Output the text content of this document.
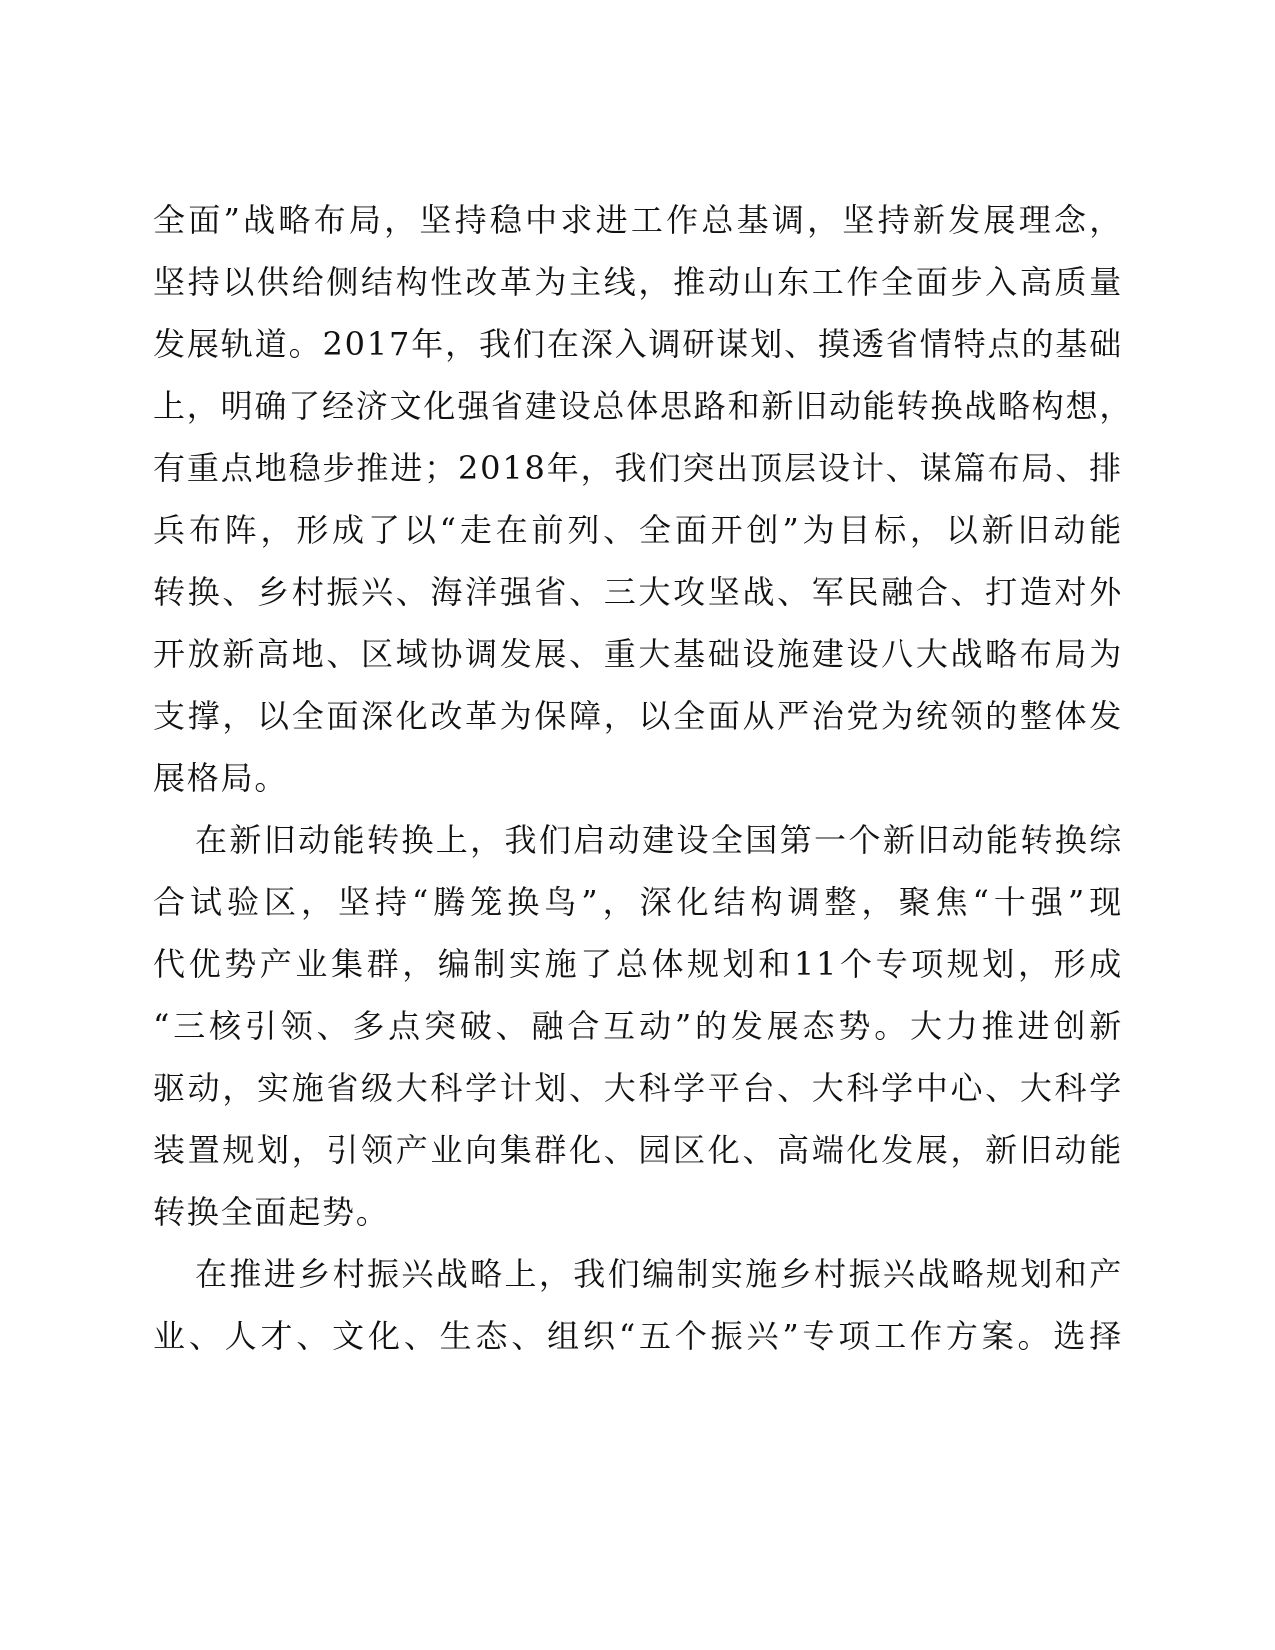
全面”战略布局，坚持稳中求进工作总基调，坚持新发展理念，
坚持以供给侧结构性改革为主线，推动山东工作全面步入高质量
发展轨道。2017年，我们在深入调研谋划、摸透省情特点的基础
上，明确了经济文化强省建设总体思路和新旧动能转换战略构想，
有重点地稳步推进；2018年，我们突出顶层设计、谋篇布局、排
兵布阵，形成了以“走在前列、全面开创”为目标，以新旧动能
转换、乡村振兴、海洋强省、三大攻坚战、军民融合、打造对外
开放新高地、区域协调发展、重大基础设施建设八大战略布局为
支撑，以全面深化改革为保障，以全面从严治党为统领的整体发
展格局。
在新旧动能转换上，我们启动建设全国第一个新旧动能转换综
合试验区，坚持“腾笼换鸟”，深化结构调整，聚焦“十强”现
代优势产业集群，编制实施了总体规划和11个专项规划，形成
“三核引领、多点突破、融合互动”的发展态势。大力推进创新
驱动，实施省级大科学计划、大科学平台、大科学中心、大科学
装置规划，引领产业向集群化、园区化、高端化发展，新旧动能
转换全面起势。
在推进乡村振兴战略上，我们编制实施乡村振兴战略规划和产
业、人才、文化、生态、组织“五个振兴”专项工作方案。选择
